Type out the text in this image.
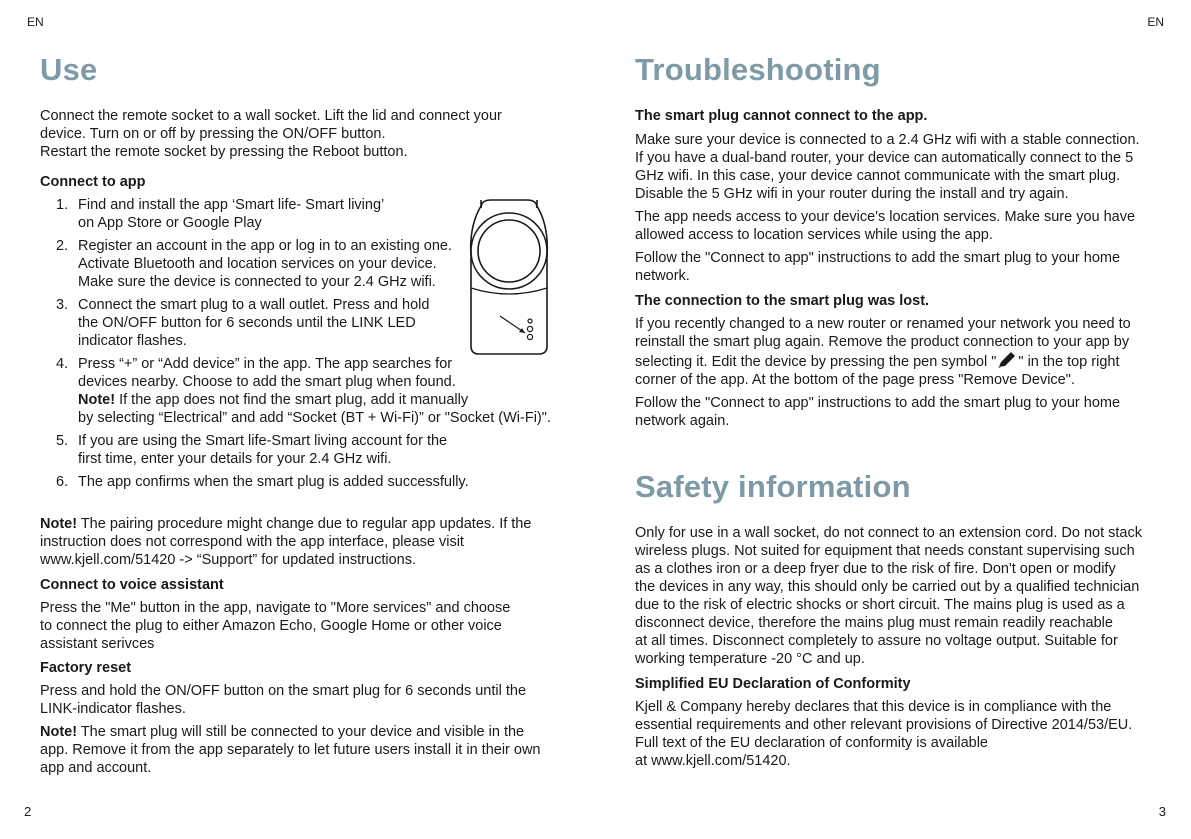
EN
Use

Connect the remote socket to a wall socket. Lift the lid and connect your

device. Turn on or off by pressing the ON/OFF button.

Restart the remote socket by pressing the Reboot button.

Connect to app
1. Find and install the app ‘Smart life- Smart living’
on App Store or Google Play
2. Register an account in the app or log in to an existing one.
Activate Bluetooth and location services on your device.
Make sure the device is connected to your 2.4 GHz wifi.
3. Connect the smart plug to a wall outlet. Press and hold
the ON/OFF button for 6 seconds until the LINK LED
indicator flashes.
4. Press “+” or “Add device” in the app. The app searches for
devices nearby. Choose to add the smart plug when found.
Note! If the app does not find the smart plug, add it manually
by selecting “Electrical” and add “Socket (BT + Wi-Fi)” or "Socket (Wi-Fi)".
5. If you are using the Smart life-Smart living account for the
first time, enter your details for your 2.4 GHz wifi.
6. The app confirms when the smart plug is added successfully.

Note! The pairing procedure might change due to regular app updates. If the

instruction does not correspond with the app interface, please visit

www.kjell.com/51420 -> “Support” for updated instructions.

Connect to voice assistant

Press the "Me" button in the app, navigate to "More services" and choose

to connect the plug to either Amazon Echo, Google Home or other voice

assistant serivces

Factory reset

Press and hold the ON/OFF button on the smart plug for 6 seconds until the

LINK-indicator flashes.

Note! The smart plug will still be connected to your device and visible in the

app. Remove it from the app separately to let future users install it in their own

app and account.

2
EN
Troubleshooting
The smart plug cannot connect to the app.

Make sure your device is connected to a 2.4 GHz wifi with a stable connection.

If you have a dual-band router, your device can automatically connect to the 5

GHz wifi. In this case, your device cannot communicate with the smart plug.

Disable the 5 GHz wifi in your router during the install and try again.

The app needs access to your device's location services. Make sure you have

allowed access to location services while using the app.

Follow the "Connect to app" instructions to add the smart plug to your home

network.

The connection to the smart plug was lost.

If you recently changed to a new router or renamed your network you need to

reinstall the smart plug again. Remove the product connection to your app by

selecting it. Edit the device by pressing the pen symbol " " in the top right

corner of the app. At the bottom of the page press "Remove Device".

Follow the "Connect to app" instructions to add the smart plug to your home

network again.

Safety information

Only for use in a wall socket, do not connect to an extension cord. Do not stack

wireless plugs. Not suited for equipment that needs constant supervising such

as a clothes iron or a deep fryer due to the risk of fire. Don't open or modify

the devices in any way, this should only be carried out by a qualified technician

due to the risk of electric shocks or short circuit. The mains plug is used as a

disconnect device, therefore the mains plug must remain readily reachable

at all times. Disconnect completely to assure no voltage output. Suitable for

working temperature -20 °C and up.

Simplified EU Declaration of Conformity

Kjell & Company hereby declares that this device is in compliance with the

essential requirements and other relevant provisions of Directive 2014/53/EU.

Full text of the EU declaration of conformity is available

at www.kjell.com/51420.

3
